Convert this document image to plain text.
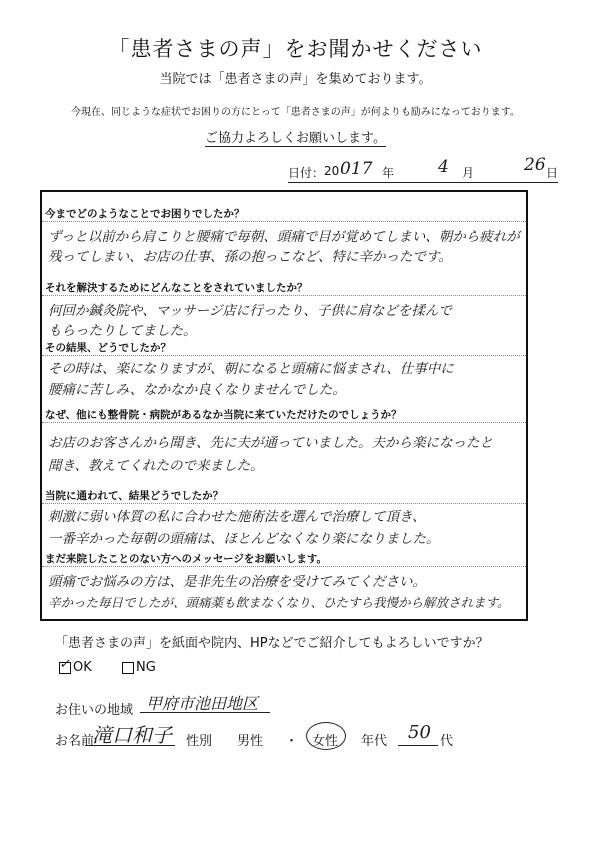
「患者さまの声」をお聞かせください
当院では「患者さまの声」を集めております。
今現在、同じような症状でお困りの方にとって「患者さまの声」が何よりも励みになっております。
ご協力よろしくお願いします。
日付： 20 017 年	4 月	26 日
今までどのようなことでお困りでしたか？
ずっと以前から肩こりと腰痛で毎朝、頭痛で目が覚めてしまい、朝から疲れが
残ってしまい、お店の仕事、孫の抱っこなど、特に辛かったです。
それを解決するためにどんなことをされていましたか？
何回か鍼灸院や、マッサージ店に行ったり、子供に肩などを揉んで
もらったりしてました。
その結果、どうでしたか？
その時は、楽になりますが、朝になると頭痛に悩まされ、仕事中に
腰痛に苦しみ、なかなか良くなりませんでした。
なぜ、他にも整骨院・病院があるなか当院に来ていただけたのでしょうか？
お店のお客さんから聞き、先に夫が通っていました。夫から楽になったと
聞き、教えてくれたので来ました。
当院に通われて、結果どうでしたか？
刺激に弱い体質の私に合わせた施術法を選んで治療して頂き、
一番辛かった毎朝の頭痛は、ほとんどなくなり楽になりました。
まだ来院したことのない方へのメッセージをお願いします。
頭痛でお悩みの方は、是非先生の治療を受けてみてください。
辛かった毎日でしたが、頭痛薬も飲まなくなり、ひたすら我慢から解放されます。
「患者さまの声」を紙面や院内、HPなどでご紹介してもよろしいですか？
✓ OK	NG
お住いの地域 甲府市池田地区
お名前
滝口和子 性別 男性 ・ 女性 年代 50 代
